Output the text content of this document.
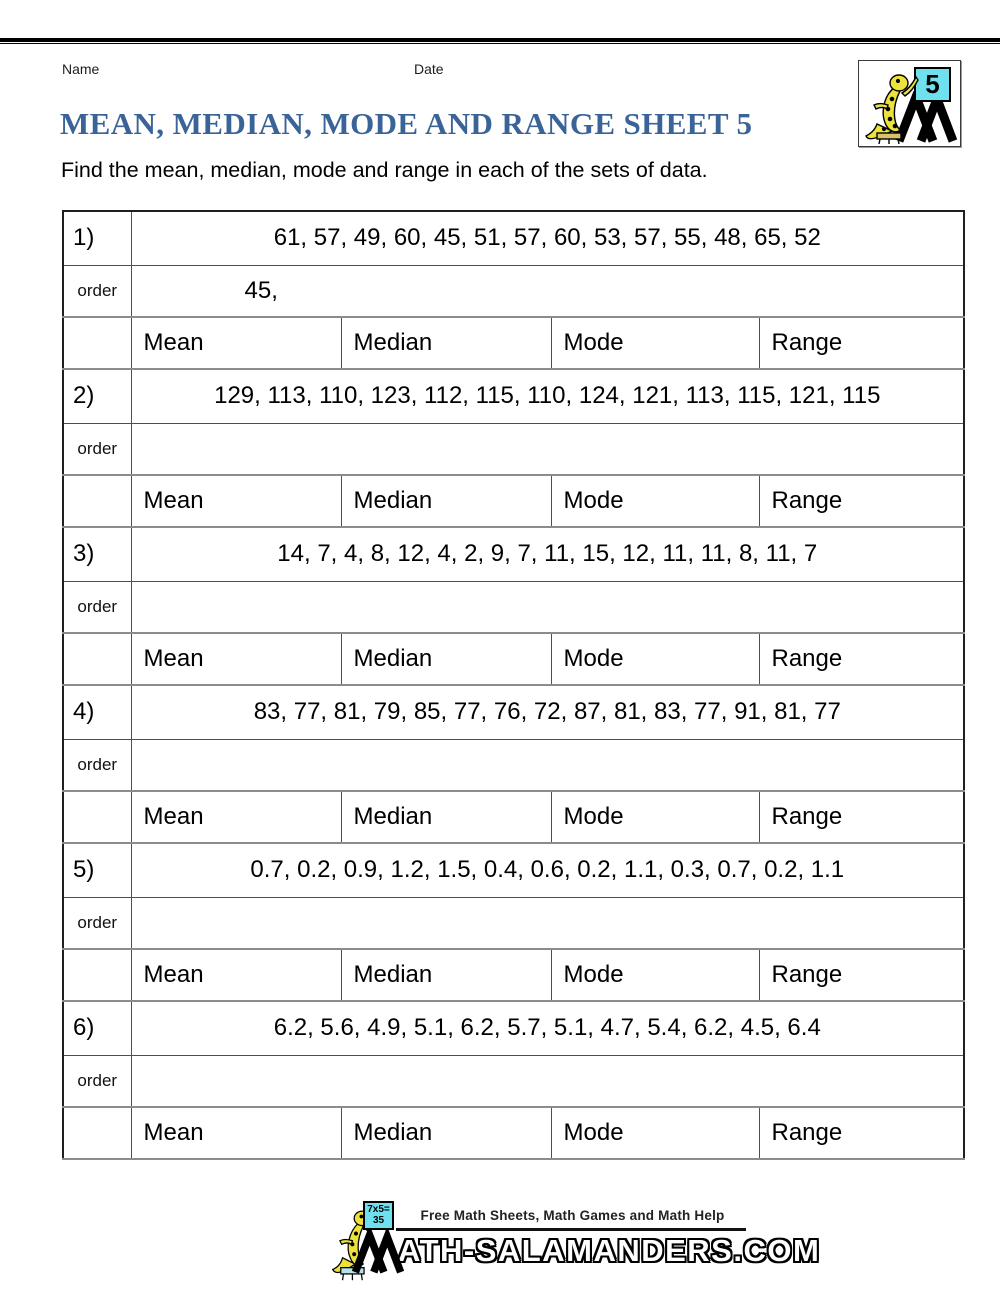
Name	Date	5
MEAN, MEDIAN, MODE AND RANGE SHEET 5
Find the mean, median, mode and range in each of the sets of data.
1)	61, 57, 49, 60, 45, 51, 57, 60, 53, 57, 55, 48, 65, 52			
order	45,			
	Mean	Median	Mode	Range
2)	129, 113, 110, 123, 112, 115, 110, 124, 121, 113, 115, 121, 115			
order				
	Mean	Median	Mode	Range
3)	14, 7, 4, 8, 12, 4, 2, 9, 7, 11, 15, 12, 11, 11, 8, 11, 7			
order				
	Mean	Median	Mode	Range
4)	83, 77, 81, 79, 85, 77, 76, 72, 87, 81, 83, 77, 91, 81, 77			
order				
	Mean	Median	Mode	Range
5)	0.7, 0.2, 0.9, 1.2, 1.5, 0.4, 0.6, 0.2, 1.1, 0.3, 0.7, 0.2, 1.1			
order				
	Mean	Median	Mode	Range
6)	6.2, 5.6, 4.9, 5.1, 6.2, 5.7, 5.1, 4.7, 5.4, 6.2, 4.5, 6.4			
order				
	Mean	Median	Mode	Range
7x5=
35	Free Math Sheets, Math Games and Math Help
ATH-SALAMANDERS.COM
